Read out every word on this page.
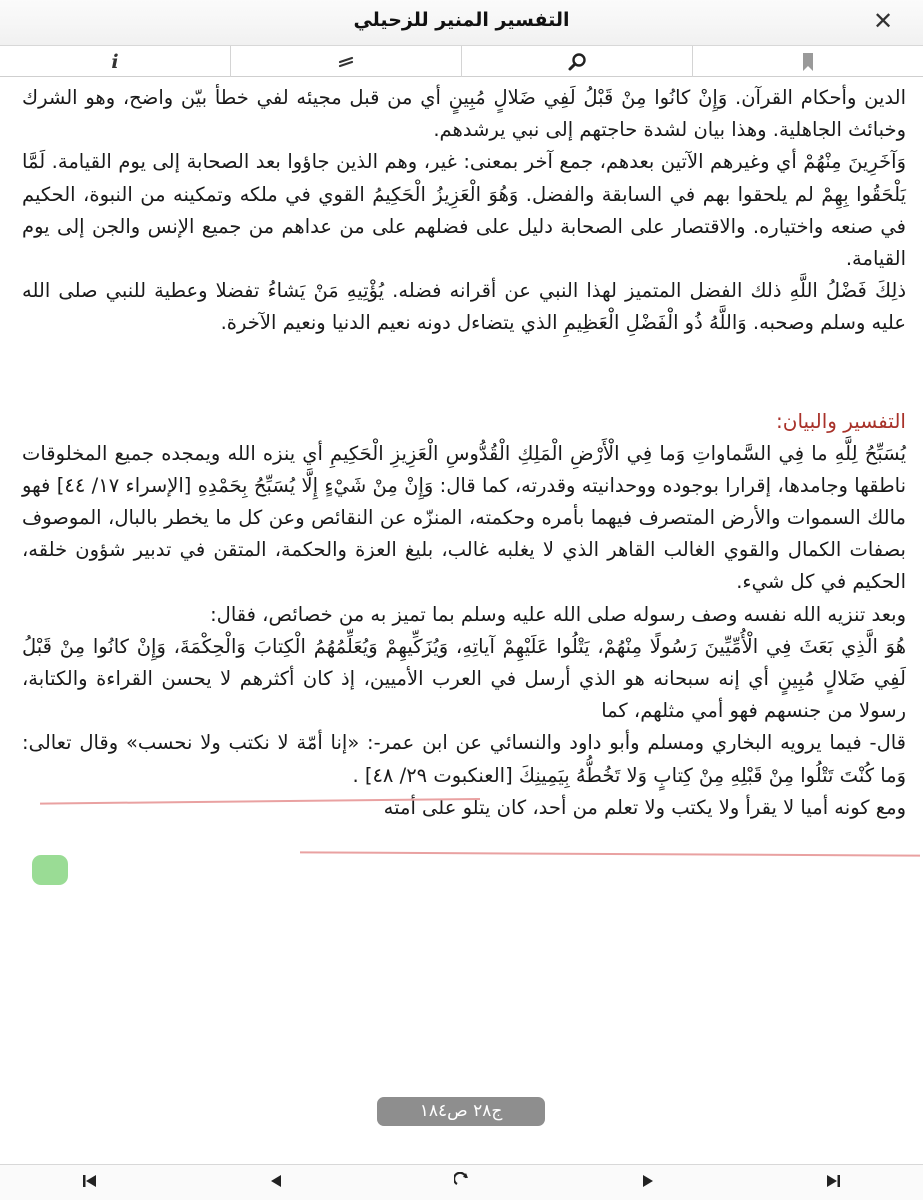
التفسير المنير للزحيلي	✕
i

الدين وأحكام القرآن. وَإِنْ كانُوا مِنْ قَبْلُ لَفِي ضَلالٍ مُبِينٍ أي من قبل مجيئه لفي خطأ بيّن واضح، وهو الشرك وخبائث الجاهلية. وهذا بيان لشدة حاجتهم إلى نبي يرشدهم.

وَآخَرِينَ مِنْهُمْ أي وغيرهم الآتين بعدهم، جمع آخر بمعنى: غير، وهم الذين جاؤوا بعد الصحابة إلى يوم القيامة. لَمَّا يَلْحَقُوا بِهِمْ لم يلحقوا بهم في السابقة والفضل. وَهُوَ الْعَزِيزُ الْحَكِيمُ القوي في ملكه وتمكينه من النبوة، الحكيم في صنعه واختياره. والاقتصار على الصحابة دليل على فضلهم على من عداهم من جميع الإنس والجن إلى يوم القيامة.

ذلِكَ فَضْلُ اللَّهِ ذلك الفضل المتميز لهذا النبي عن أقرانه فضله. يُؤْتِيهِ مَنْ يَشاءُ تفضلا وعطية للنبي صلى الله عليه وسلم وصحبه. وَاللَّهُ ذُو الْفَضْلِ الْعَظِيمِ الذي يتضاءل دونه نعيم الدنيا ونعيم الآخرة.

التفسير والبيان:

يُسَبِّحُ لِلَّهِ ما فِي السَّماواتِ وَما فِي الْأَرْضِ الْمَلِكِ الْقُدُّوسِ الْعَزِيزِ الْحَكِيمِ أي ينزه الله ويمجده جميع المخلوقات ناطقها وجامدها، إقرارا بوجوده ووحدانيته وقدرته، كما قال: وَإِنْ مِنْ شَيْءٍ إِلَّا يُسَبِّحُ بِحَمْدِهِ [الإسراء ١٧/ ٤٤] فهو مالك السموات والأرض المتصرف فيهما بأمره وحكمته، المنزّه عن النقائص وعن كل ما يخطر بالبال، الموصوف بصفات الكمال والقوي الغالب القاهر الذي لا يغلبه غالب، بليغ العزة والحكمة، المتقن في تدبير شؤون خلقه، الحكيم في كل شيء.

وبعد تنزيه الله نفسه وصف رسوله صلى الله عليه وسلم بما تميز به من خصائص، فقال:

هُوَ الَّذِي بَعَثَ فِي الْأُمِّيِّينَ رَسُولًا مِنْهُمْ، يَتْلُوا عَلَيْهِمْ آياتِهِ، وَيُزَكِّيهِمْ وَيُعَلِّمُهُمُ الْكِتابَ وَالْحِكْمَةَ، وَإِنْ كانُوا مِنْ قَبْلُ لَفِي ضَلالٍ مُبِينٍ أي إنه سبحانه هو الذي أرسل في العرب الأميين، إذ كان أكثرهم لا يحسن القراءة والكتابة، رسولا من جنسهم فهو أمي مثلهم، كما

قال- فيما يرويه البخاري ومسلم وأبو داود والنسائي عن ابن عمر-: «إنا أمّة لا نكتب ولا نحسب» وقال تعالى: وَما كُنْتَ تَتْلُوا مِنْ قَبْلِهِ مِنْ كِتابٍ وَلا تَخُطُّهُ بِيَمِينِكَ [العنكبوت ٢٩/ ٤٨] .

ومع كونه أميا لا يقرأ ولا يكتب ولا تعلم من أحد، كان يتلو على أمته

ج٢٨ ص١٨٤
